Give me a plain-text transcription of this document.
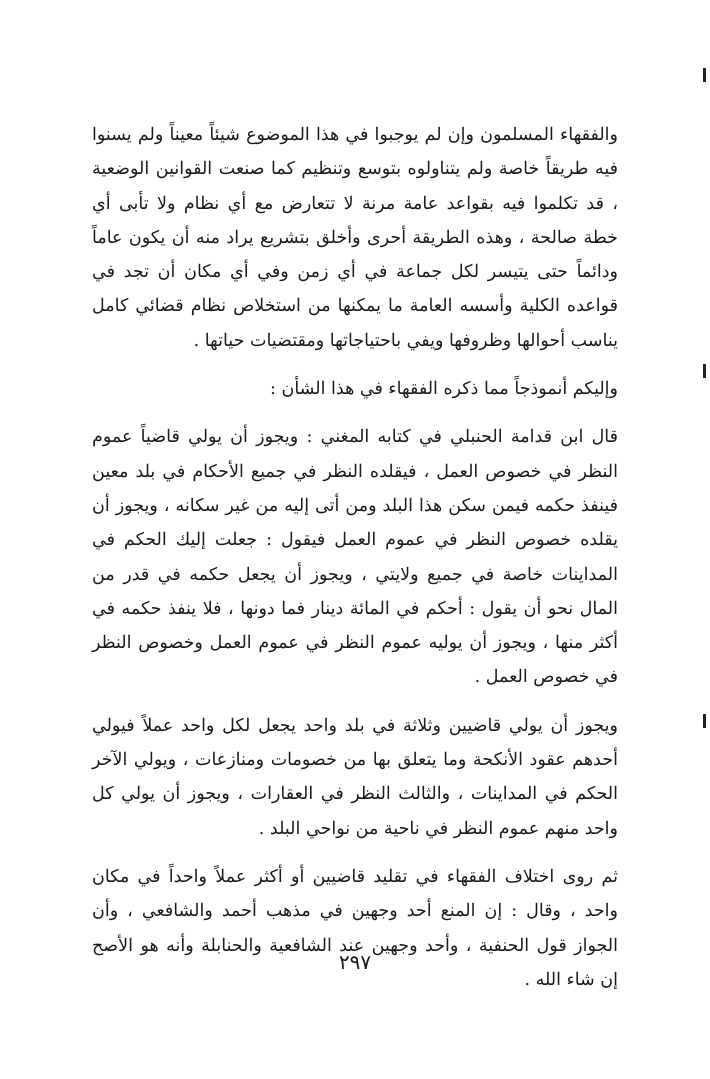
والفقهاء المسلمون وإن لم يوجبوا في هذا الموضوع شيئاً معيناً ولم يسنوا فيه طريقاً خاصة ولم يتناولوه بتوسع وتنظيم كما صنعت القوانين الوضعية ، قد تكلموا فيه بقواعد عامة مرنة لا تتعارض مع أي نظام ولا تأبى أي خطة صالحة ، وهذه الطريقة أحرى وأخلق بتشريع يراد منه أن يكون عاماً ودائماً حتى يتيسر لكل جماعة في أي زمن وفي أي مكان أن تجد في قواعده الكلية وأسسه العامة ما يمكنها من استخلاص نظام قضائي كامل يناسب أحوالها وظروفها ويفي باحتياجاتها ومقتضيات حياتها .

وإليكم أنموذجاً مما ذكره الفقهاء في هذا الشأن :

قال ابن قدامة الحنبلي في كتابه المغني : ويجوز أن يولي قاضياً عموم النظر في خصوص العمل ، فيقلده النظر في جميع الأحكام في بلد معين فينفذ حكمه فيمن سكن هذا البلد ومن أتى إليه من غير سكانه ، ويجوز أن يقلده خصوص النظر في عموم العمل فيقول : جعلت إليك الحكم في المداينات خاصة في جميع ولايتي ، ويجوز أن يجعل حكمه في قدر من المال نحو أن يقول : أحكم في المائة دينار فما دونها ، فلا ينفذ حكمه في أكثر منها ، ويجوز أن يوليه عموم النظر في عموم العمل وخصوص النظر في خصوص العمل .

ويجوز أن يولي قاضيين وثلاثة في بلد واحد يجعل لكل واحد عملاً فيولي أحدهم عقود الأنكحة وما يتعلق بها من خصومات ومنازعات ، ويولي الآخر الحكم في المداينات ، والثالث النظر في العقارات ، ويجوز أن يولي كل واحد منهم عموم النظر في ناحية من نواحي البلد .

ثم روى اختلاف الفقهاء في تقليد قاضيين أو أكثر عملاً واحداً في مكان واحد ، وقال : إن المنع أحد وجهين في مذهب أحمد والشافعي ، وأن الجواز قول الحنفية ، وأحد وجهين عند الشافعية والحنابلة وأنه هو الأصح إن شاء الله .

٢٩٧
